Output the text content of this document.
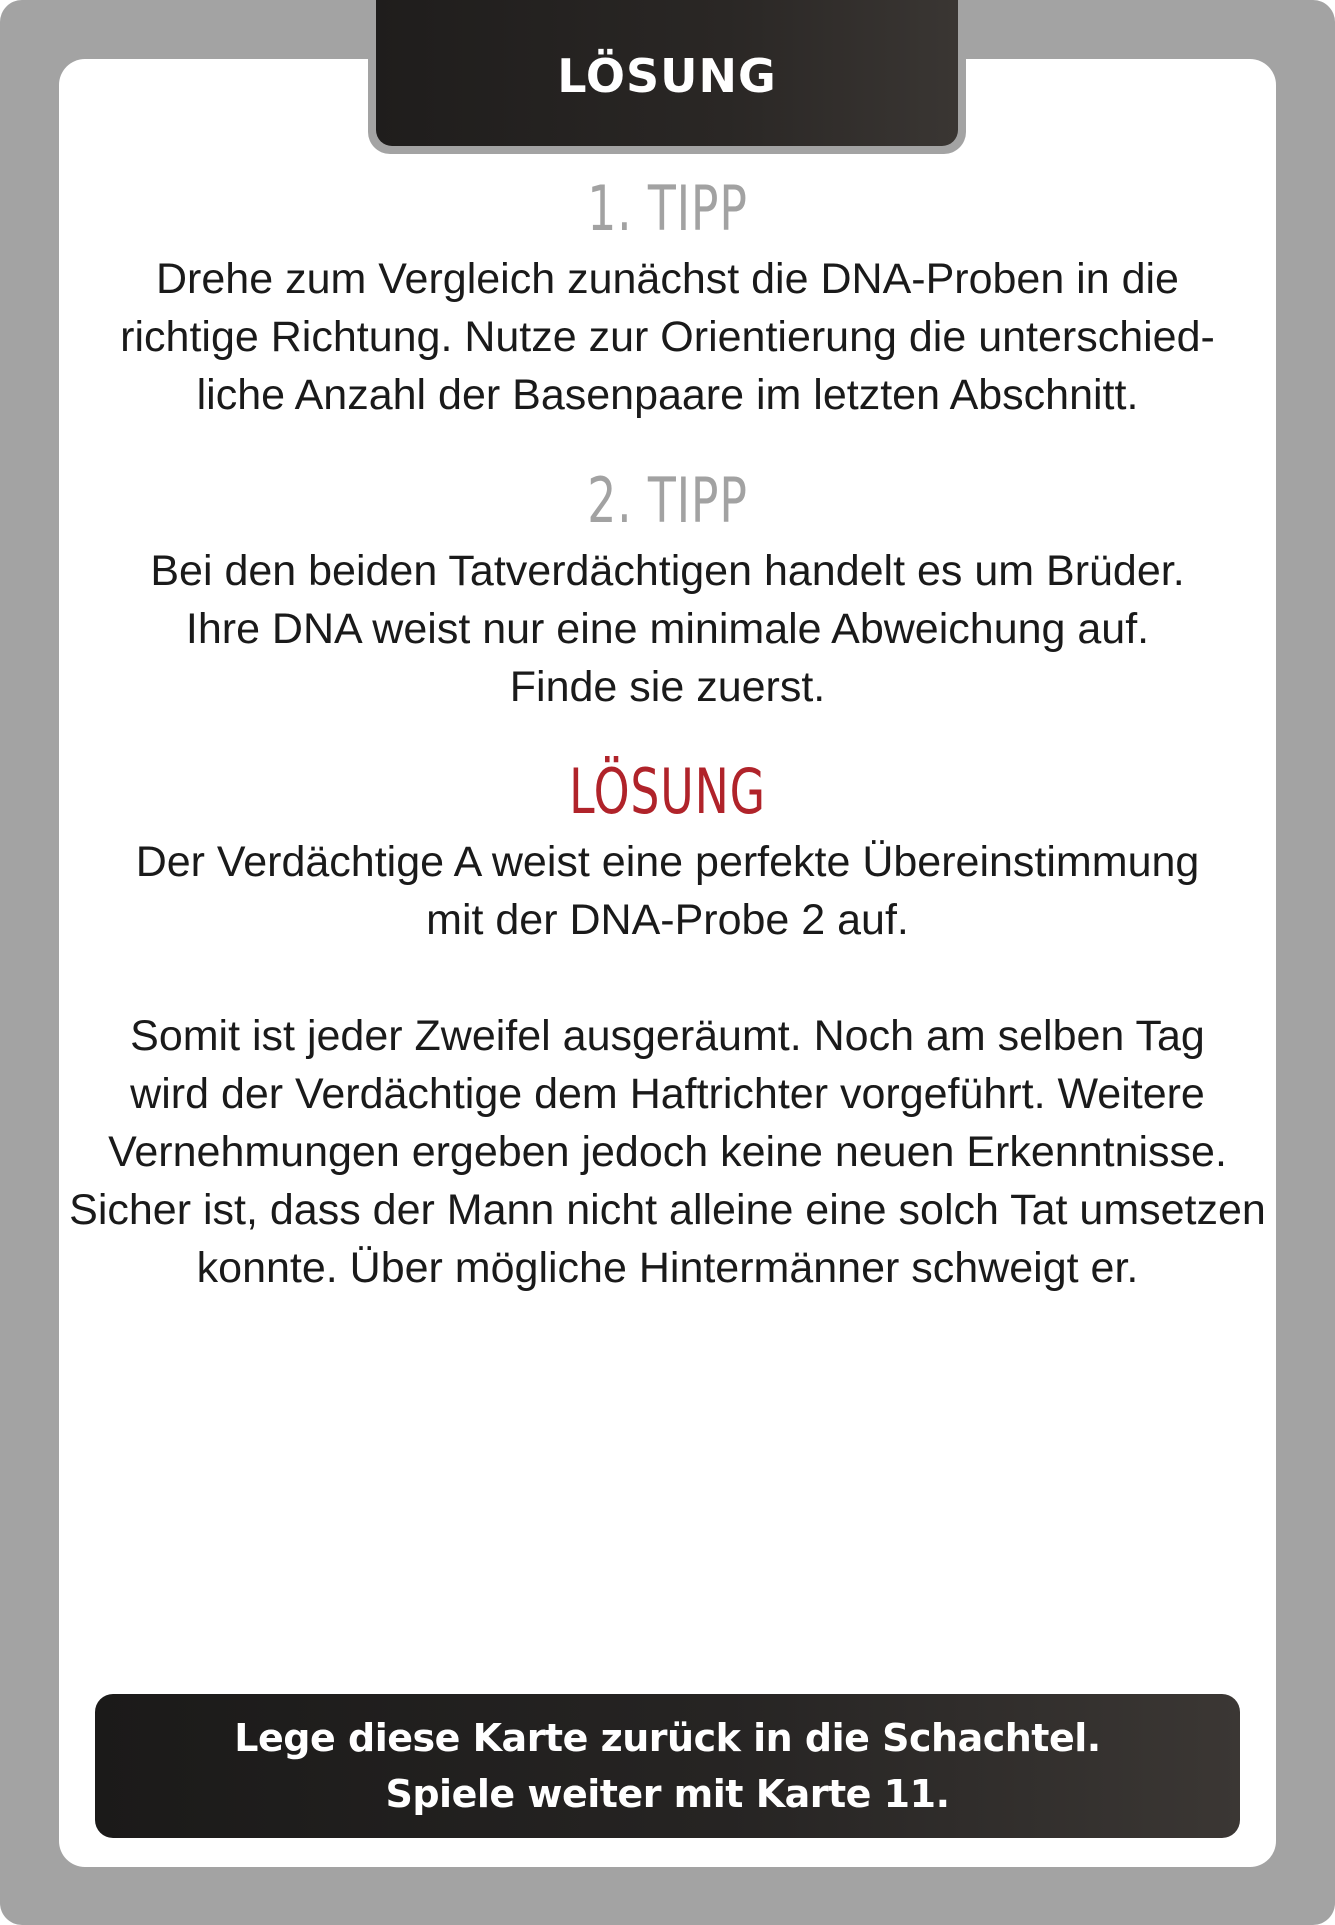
LÖSUNG
1. TIPP
Drehe zum Vergleich zunächst die DNA-Proben in die
richtige Richtung. Nutze zur Orientierung die unterschied-
liche Anzahl der Basenpaare im letzten Abschnitt.
2. TIPP
Bei den beiden Tatverdächtigen handelt es um Brüder.
Ihre DNA weist nur eine minimale Abweichung auf.
Finde sie zuerst.
LÖSUNG
Der Verdächtige A weist eine perfekte Übereinstimmung
mit der DNA-Probe 2 auf.
Somit ist jeder Zweifel ausgeräumt. Noch am selben Tag
wird der Verdächtige dem Haftrichter vorgeführt. Weitere
Vernehmungen ergeben jedoch keine neuen Erkenntnisse.
Sicher ist, dass der Mann nicht alleine eine solch Tat umsetzen
konnte. Über mögliche Hintermänner schweigt er.
Lege diese Karte zurück in die Schachtel.
Spiele weiter mit Karte 11.
